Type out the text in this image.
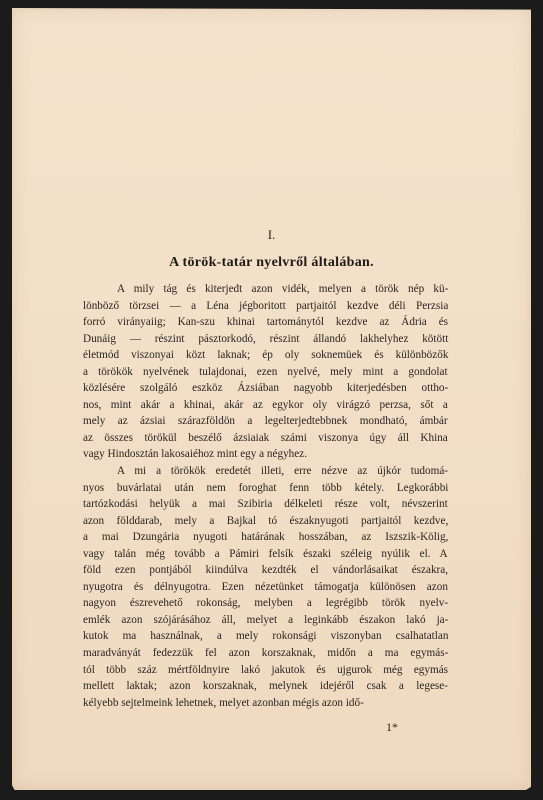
I.
A török-tatár nyelvről általában.
A mily tág és kiterjedt azon vidék, melyen a török nép kü-
lönböző törzsei — a Léna jégboritott partjaitól kezdve déli Perzsia
forró virányaiig; Kan-szu khinai tartománytól kezdve az Ádria és
Dunáig — részint pásztorkodó, részint állandó lakhelyhez kötött
életmód viszonyai közt laknak; ép oly soknemüek és különbözők
a törökök nyelvének tulajdonai, ezen nyelvé, mely mint a gondolat
közlésére szolgáló eszköz Ázsiában nagyobb kiterjedésben ottho-
nos, mint akár a khinai, akár az egykor oly virágzó perzsa, sőt a
mely az ázsiai szárazföldön a legelterjedtebbnek mondható, ámbár
az összes törökül beszélő ázsiaiak számi viszonya úgy áll Khina
vagy Hindosztán lakosaiéhoz mint egy a négyhez.
A mi a törökök eredetét illeti, erre nézve az újkór tudomá-
nyos buvárlatai után nem foroghat fenn több kétely. Legkorábbi
tartózkodási helyük a mai Szibiria délkeleti része volt, névszerint
azon földdarab, mely a Bajkal tó északnyugoti partjaitól kezdve,
a mai Dzungária nyugoti határának hosszában, az Iszszik-Kölig,
vagy talán még tovább a Pámiri felsík északi széleig nyúlik el. A
föld ezen pontjából kiindúlva kezdték el vándorlásaikat északra,
nyugotra és délnyugotra. Ezen nézetünket támogatja különösen azon
nagyon észrevehető rokonság, melyben a legrégibb török nyelv-
emlék azon szójárásához áll, melyet a leginkább északon lakó ja-
kutok ma használnak, a mely rokonsági viszonyban csalhatatlan
maradványát fedezzük fel azon korszaknak, midőn a ma egymás-
tól több száz mértföldnyire lakó jakutok és ujgurok még egymás
mellett laktak; azon korszaknak, melynek idejéről csak a legese-
kélyebb sejtelmeink lehetnek, melyet azonban mégis azon idő-
1*
